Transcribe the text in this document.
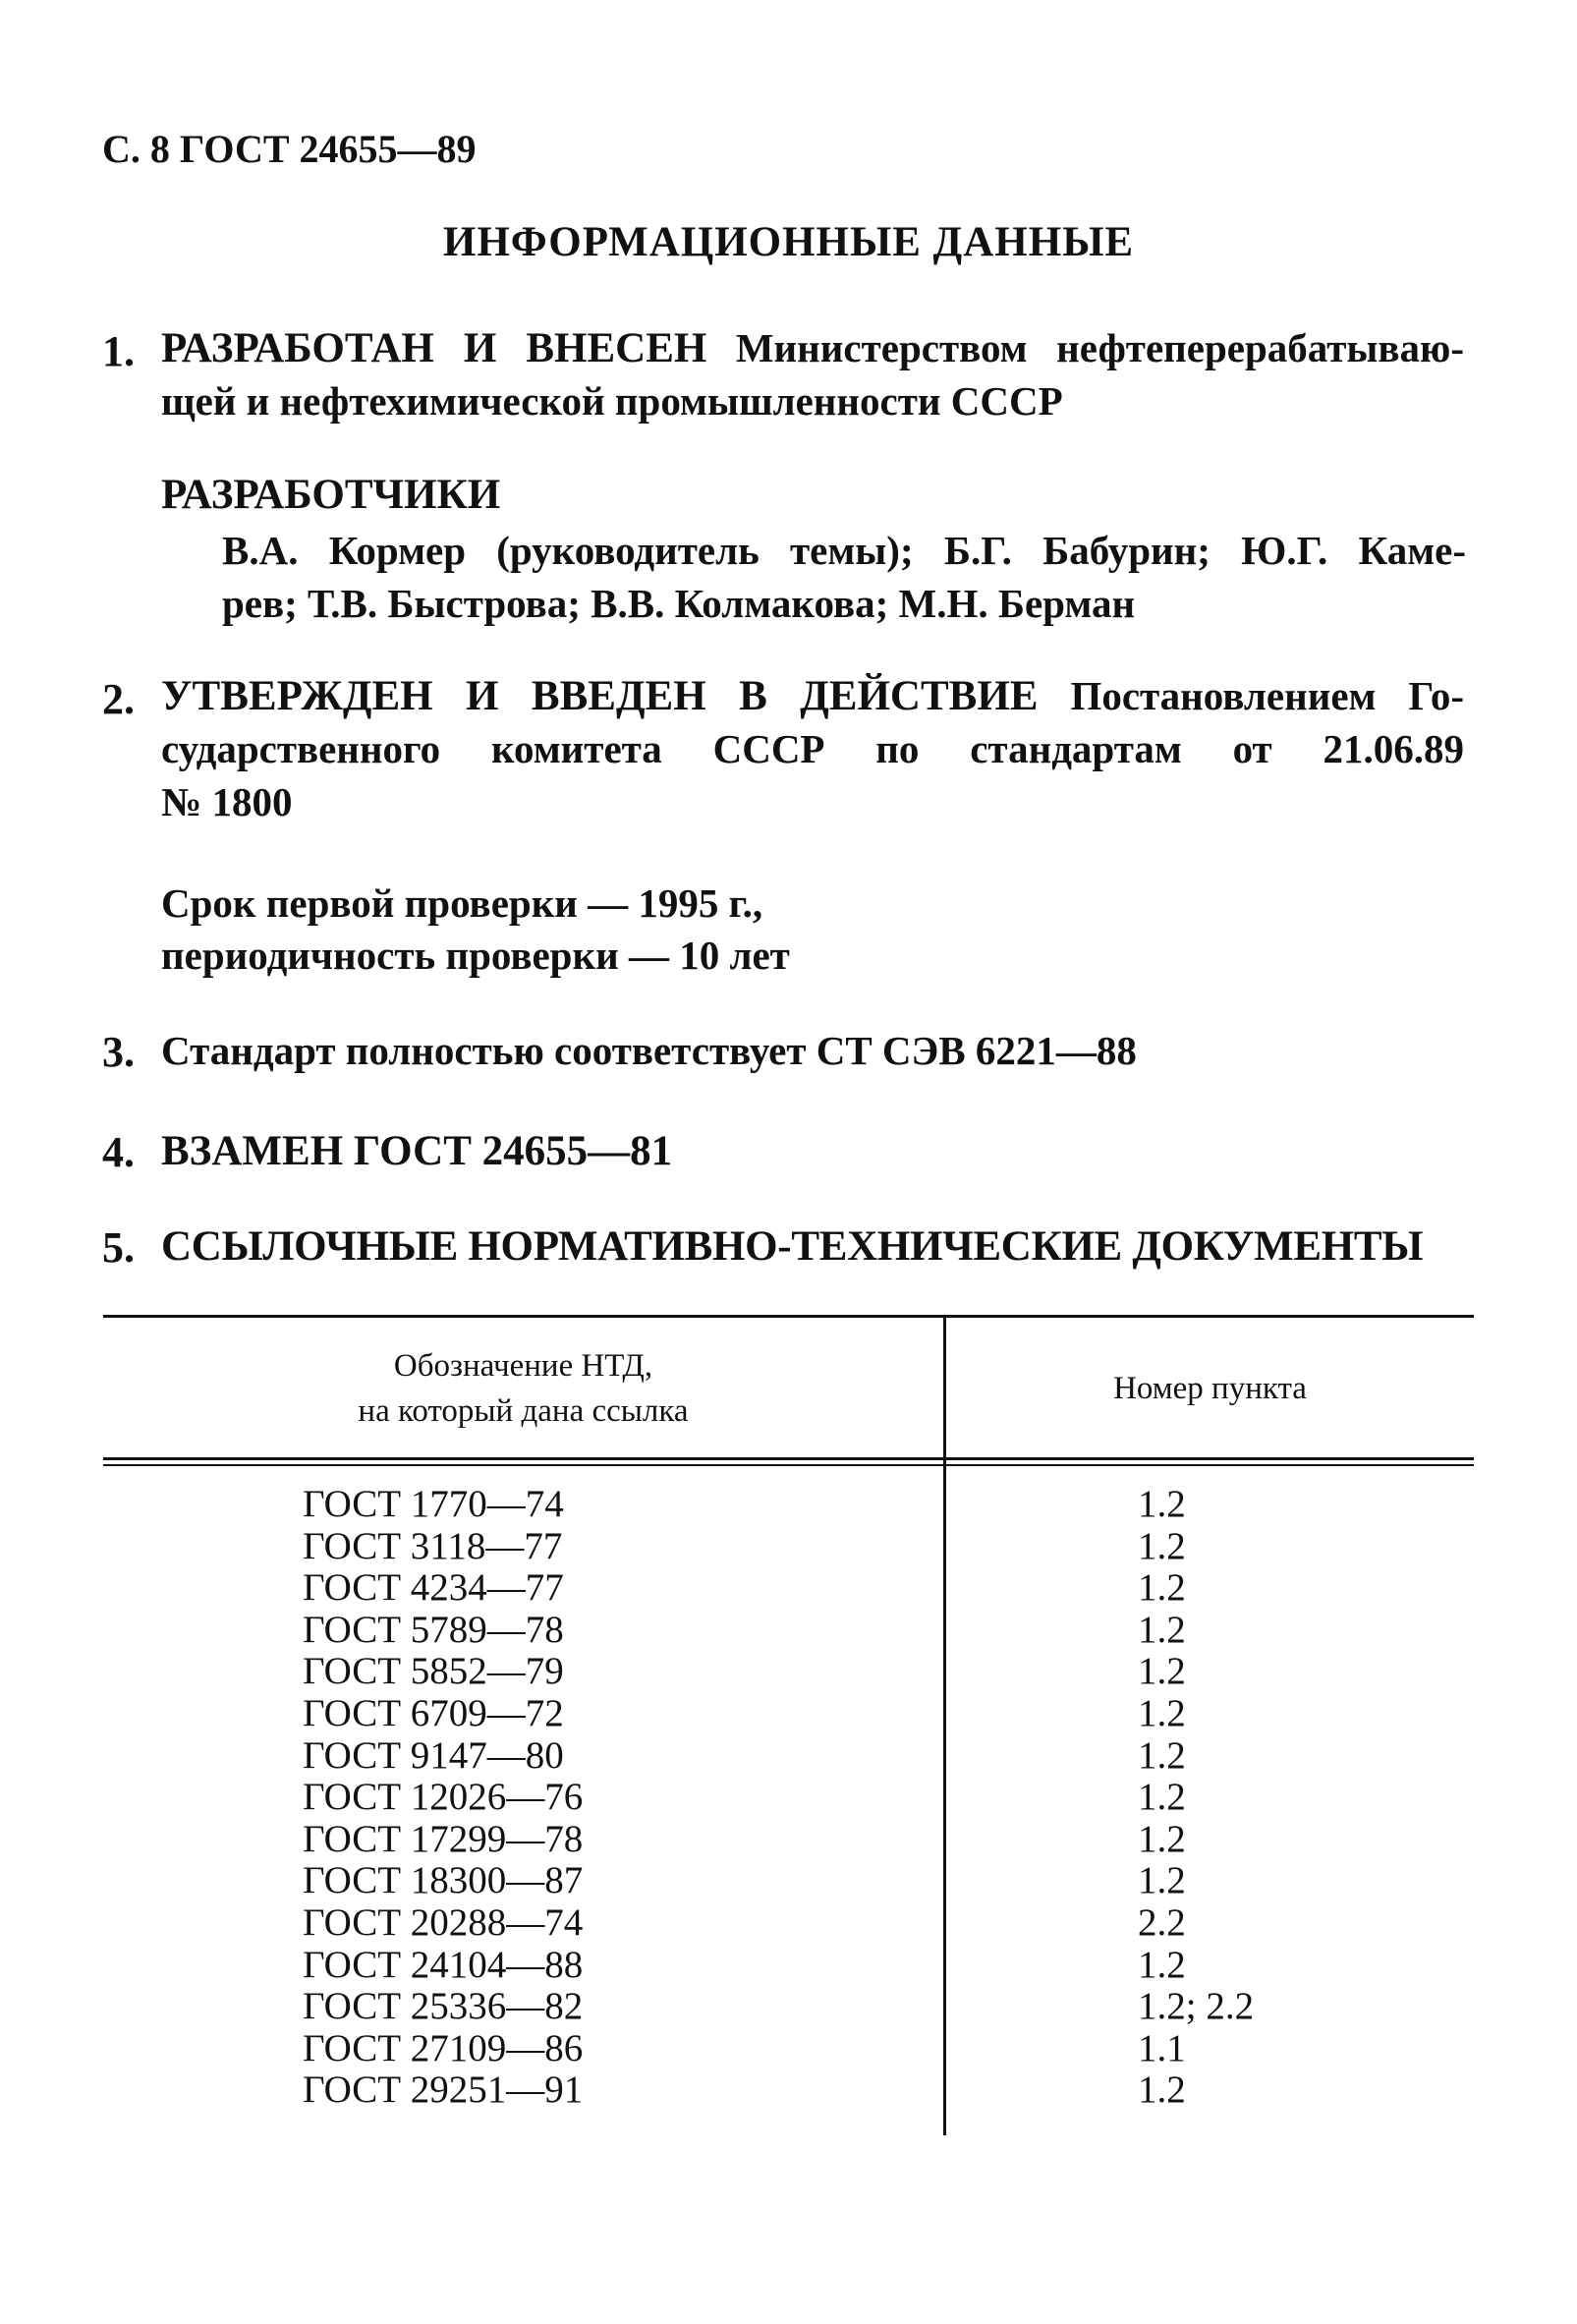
С. 8 ГОСТ 24655—89
ИНФОРМАЦИОННЫЕ ДАННЫЕ
1. РАЗРАБОТАН И ВНЕСЕН Министерством нефтеперерабатываю-
щей и нефтехимической промышленности СССР
РАЗРАБОТЧИКИ
В.А. Кормер (руководитель темы); Б.Г. Бабурин; Ю.Г. Каме-
рев; Т.В. Быстрова; В.В. Колмакова; М.Н. Берман
2. УТВЕРЖДЕН И ВВЕДЕН В ДЕЙСТВИЕ Постановлением Го-
сударственного комитета СССР по стандартам от 21.06.89
№ 1800
Срок первой проверки — 1995 г.,
периодичность проверки — 10 лет
3. Стандарт полностью соответствует СТ СЭВ 6221—88
4. ВЗАМЕН ГОСТ 24655—81
5. ССЫЛОЧНЫЕ НОРМАТИВНО-ТЕХНИЧЕСКИЕ ДОКУМЕНТЫ
Обозначение НТД,
на который дана ссылка
Номер пункта
ГОСТ 1770—74	1.2
ГОСТ 3118—77	1.2
ГОСТ 4234—77	1.2
ГОСТ 5789—78	1.2
ГОСТ 5852—79	1.2
ГОСТ 6709—72	1.2
ГОСТ 9147—80	1.2
ГОСТ 12026—76	1.2
ГОСТ 17299—78	1.2
ГОСТ 18300—87	1.2
ГОСТ 20288—74	2.2
ГОСТ 24104—88	1.2
ГОСТ 25336—82	1.2; 2.2
ГОСТ 27109—86	1.1
ГОСТ 29251—91	1.2
